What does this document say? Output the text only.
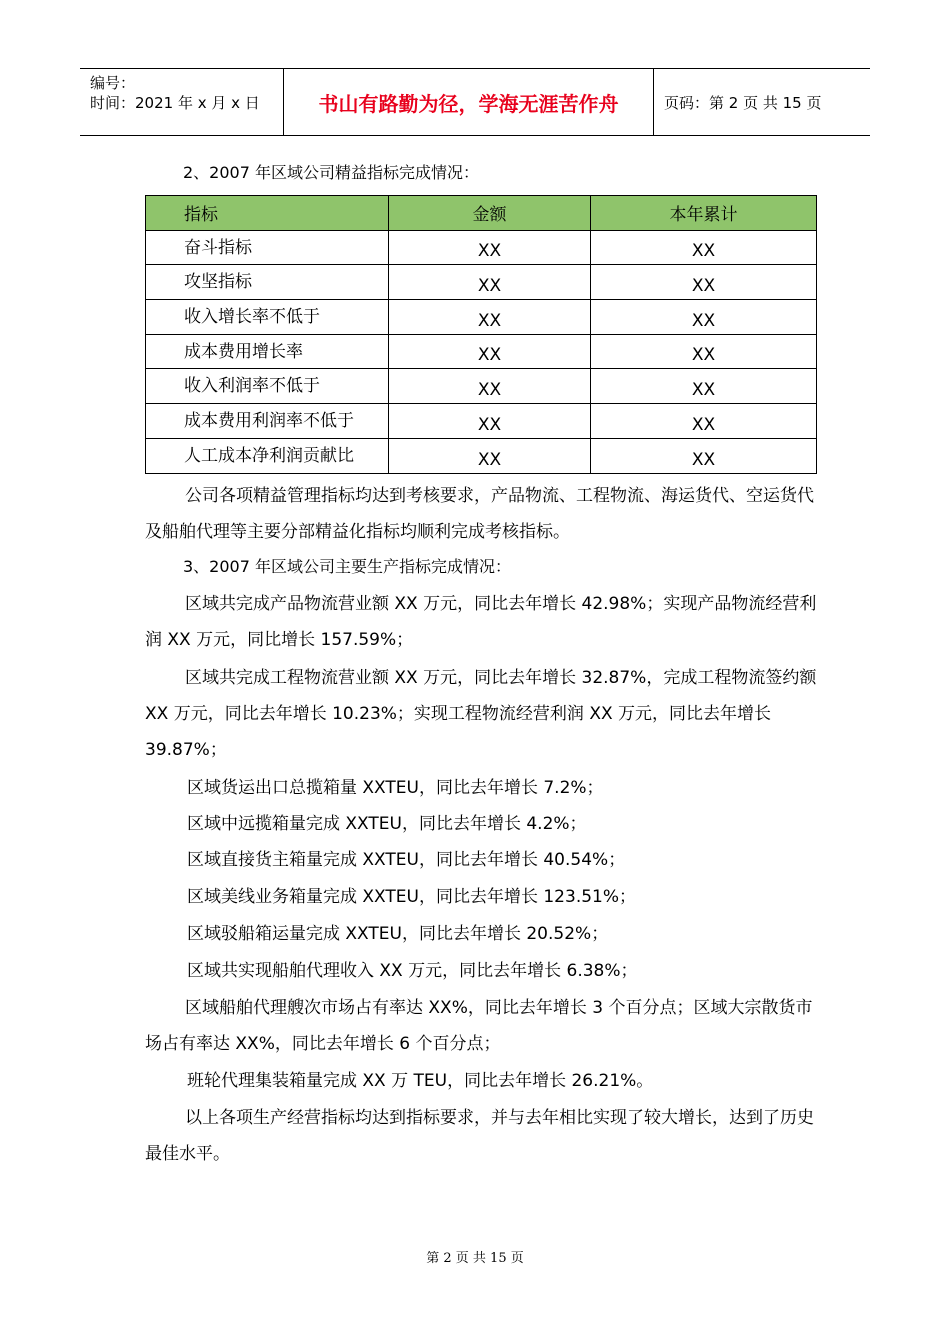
编号：
时间：2021 年 x 月 x 日	书山有路勤为径，学海无涯苦作舟	页码：第 2 页 共 15 页
2、2007 年区域公司精益指标完成情况：
指标	金额	本年累计
奋斗指标	XX	XX
攻坚指标	XX	XX
收入增长率不低于	XX	XX
成本费用增长率	XX	XX
收入利润率不低于	XX	XX
成本费用利润率不低于	XX	XX
人工成本净利润贡献比	XX	XX
公司各项精益管理指标均达到考核要求，产品物流、工程物流、海运货代、空运货代及船舶代理等主要分部精益化指标均顺利完成考核指标。
3、2007 年区域公司主要生产指标完成情况：
区域共完成产品物流营业额 XX 万元，同比去年增长 42.98%；实现产品物流经营利润 XX 万元，同比增长 157.59%；
区域共完成工程物流营业额 XX 万元，同比去年增长 32.87%，完成工程物流签约额 XX 万元，同比去年增长 10.23%；实现工程物流经营利润 XX 万元，同比去年增长 39.87%；
区域货运出口总揽箱量 XXTEU，同比去年增长 7.2%；
区域中远揽箱量完成 XXTEU，同比去年增长 4.2%；
区域直接货主箱量完成 XXTEU，同比去年增长 40.54%；
区域美线业务箱量完成 XXTEU，同比去年增长 123.51%；
区域驳船箱运量完成 XXTEU，同比去年增长 20.52%；
区域共实现船舶代理收入 XX 万元，同比去年增长 6.38%；
区域船舶代理艘次市场占有率达 XX%，同比去年增长 3 个百分点；区域大宗散货市场占有率达 XX%，同比去年增长 6 个百分点；
班轮代理集装箱量完成 XX 万 TEU，同比去年增长 26.21%。
以上各项生产经营指标均达到指标要求，并与去年相比实现了较大增长，达到了历史最佳水平。
第 2 页 共 15 页
